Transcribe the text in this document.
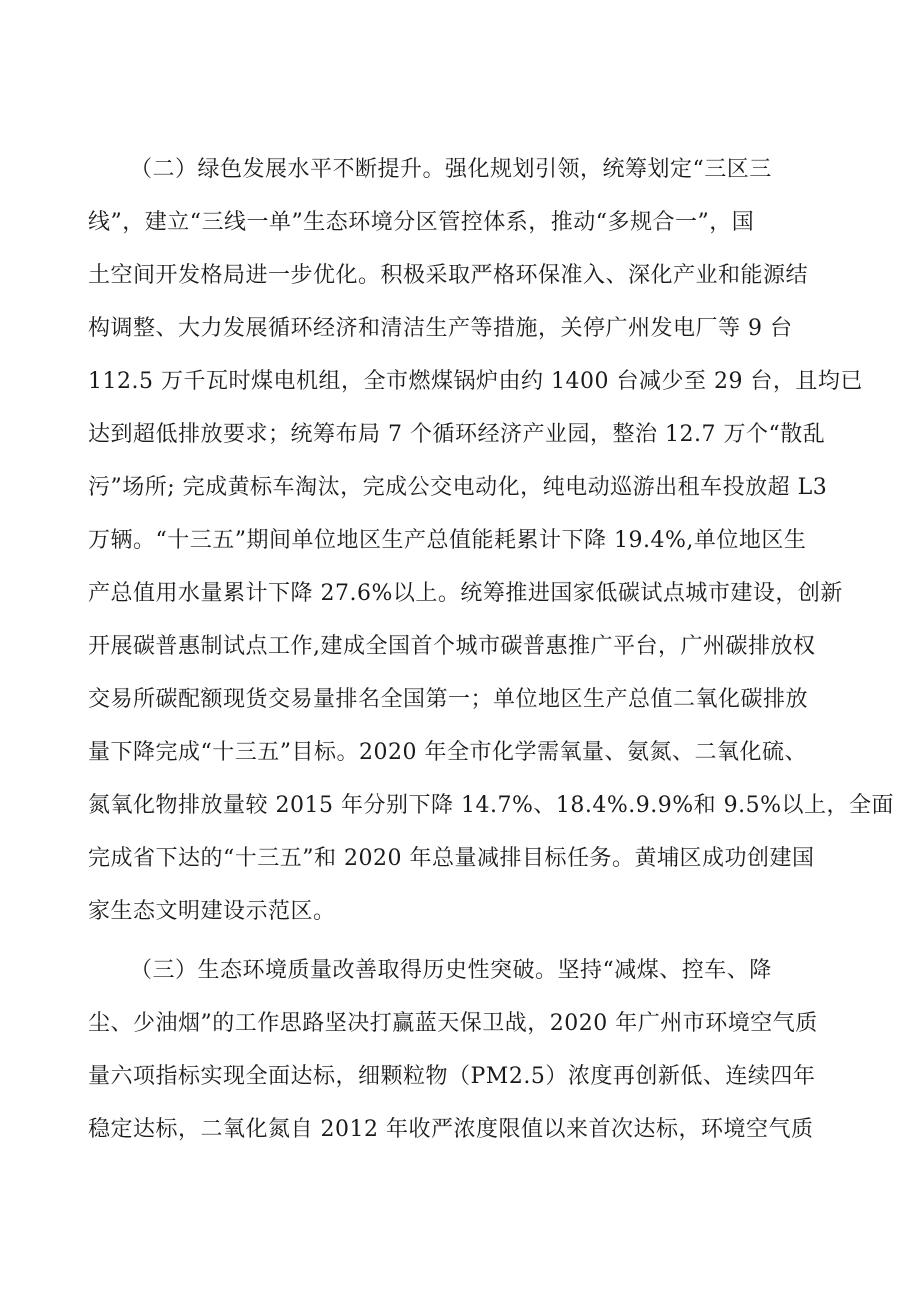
（二）绿色发展水平不断提升。强化规划引领，统筹划定“三区三
线”，建立“三线一单”生态环境分区管控体系，推动“多规合一”，国
土空间开发格局进一步优化。积极采取严格环保准入、深化产业和能源结
构调整、大力发展循环经济和清洁生产等措施，关停广州发电厂等 9 台
112.5 万千瓦时煤电机组，全市燃煤锅炉由约 1400 台减少至 29 台，且均已
达到超低排放要求；统筹布局 7 个循环经济产业园，整治 12.7 万个“散乱
污”场所; 完成黄标车淘汰，完成公交电动化，纯电动巡游出租车投放超 L3
万辆。“十三五”期间单位地区生产总值能耗累计下降 19.4%,单位地区生
产总值用水量累计下降 27.6%以上。统筹推进国家低碳试点城市建设，创新
开展碳普惠制试点工作,建成全国首个城市碳普惠推广平台，广州碳排放权
交易所碳配额现货交易量排名全国第一；单位地区生产总值二氧化碳排放
量下降完成“十三五”目标。2020 年全市化学需氧量、氨氮、二氧化硫、
氮氧化物排放量较 2015 年分别下降 14.7%、18.4%.9.9%和 9.5%以上，全面
完成省下达的“十三五”和 2020 年总量减排目标任务。黄埔区成功创建国
家生态文明建设示范区。
（三）生态环境质量改善取得历史性突破。坚持“减煤、控车、降
尘、少油烟”的工作思路坚决打赢蓝天保卫战，2020 年广州市环境空气质
量六项指标实现全面达标，细颗粒物（PM2.5）浓度再创新低、连续四年
稳定达标，二氧化氮自 2012 年收严浓度限值以来首次达标，环境空气质
